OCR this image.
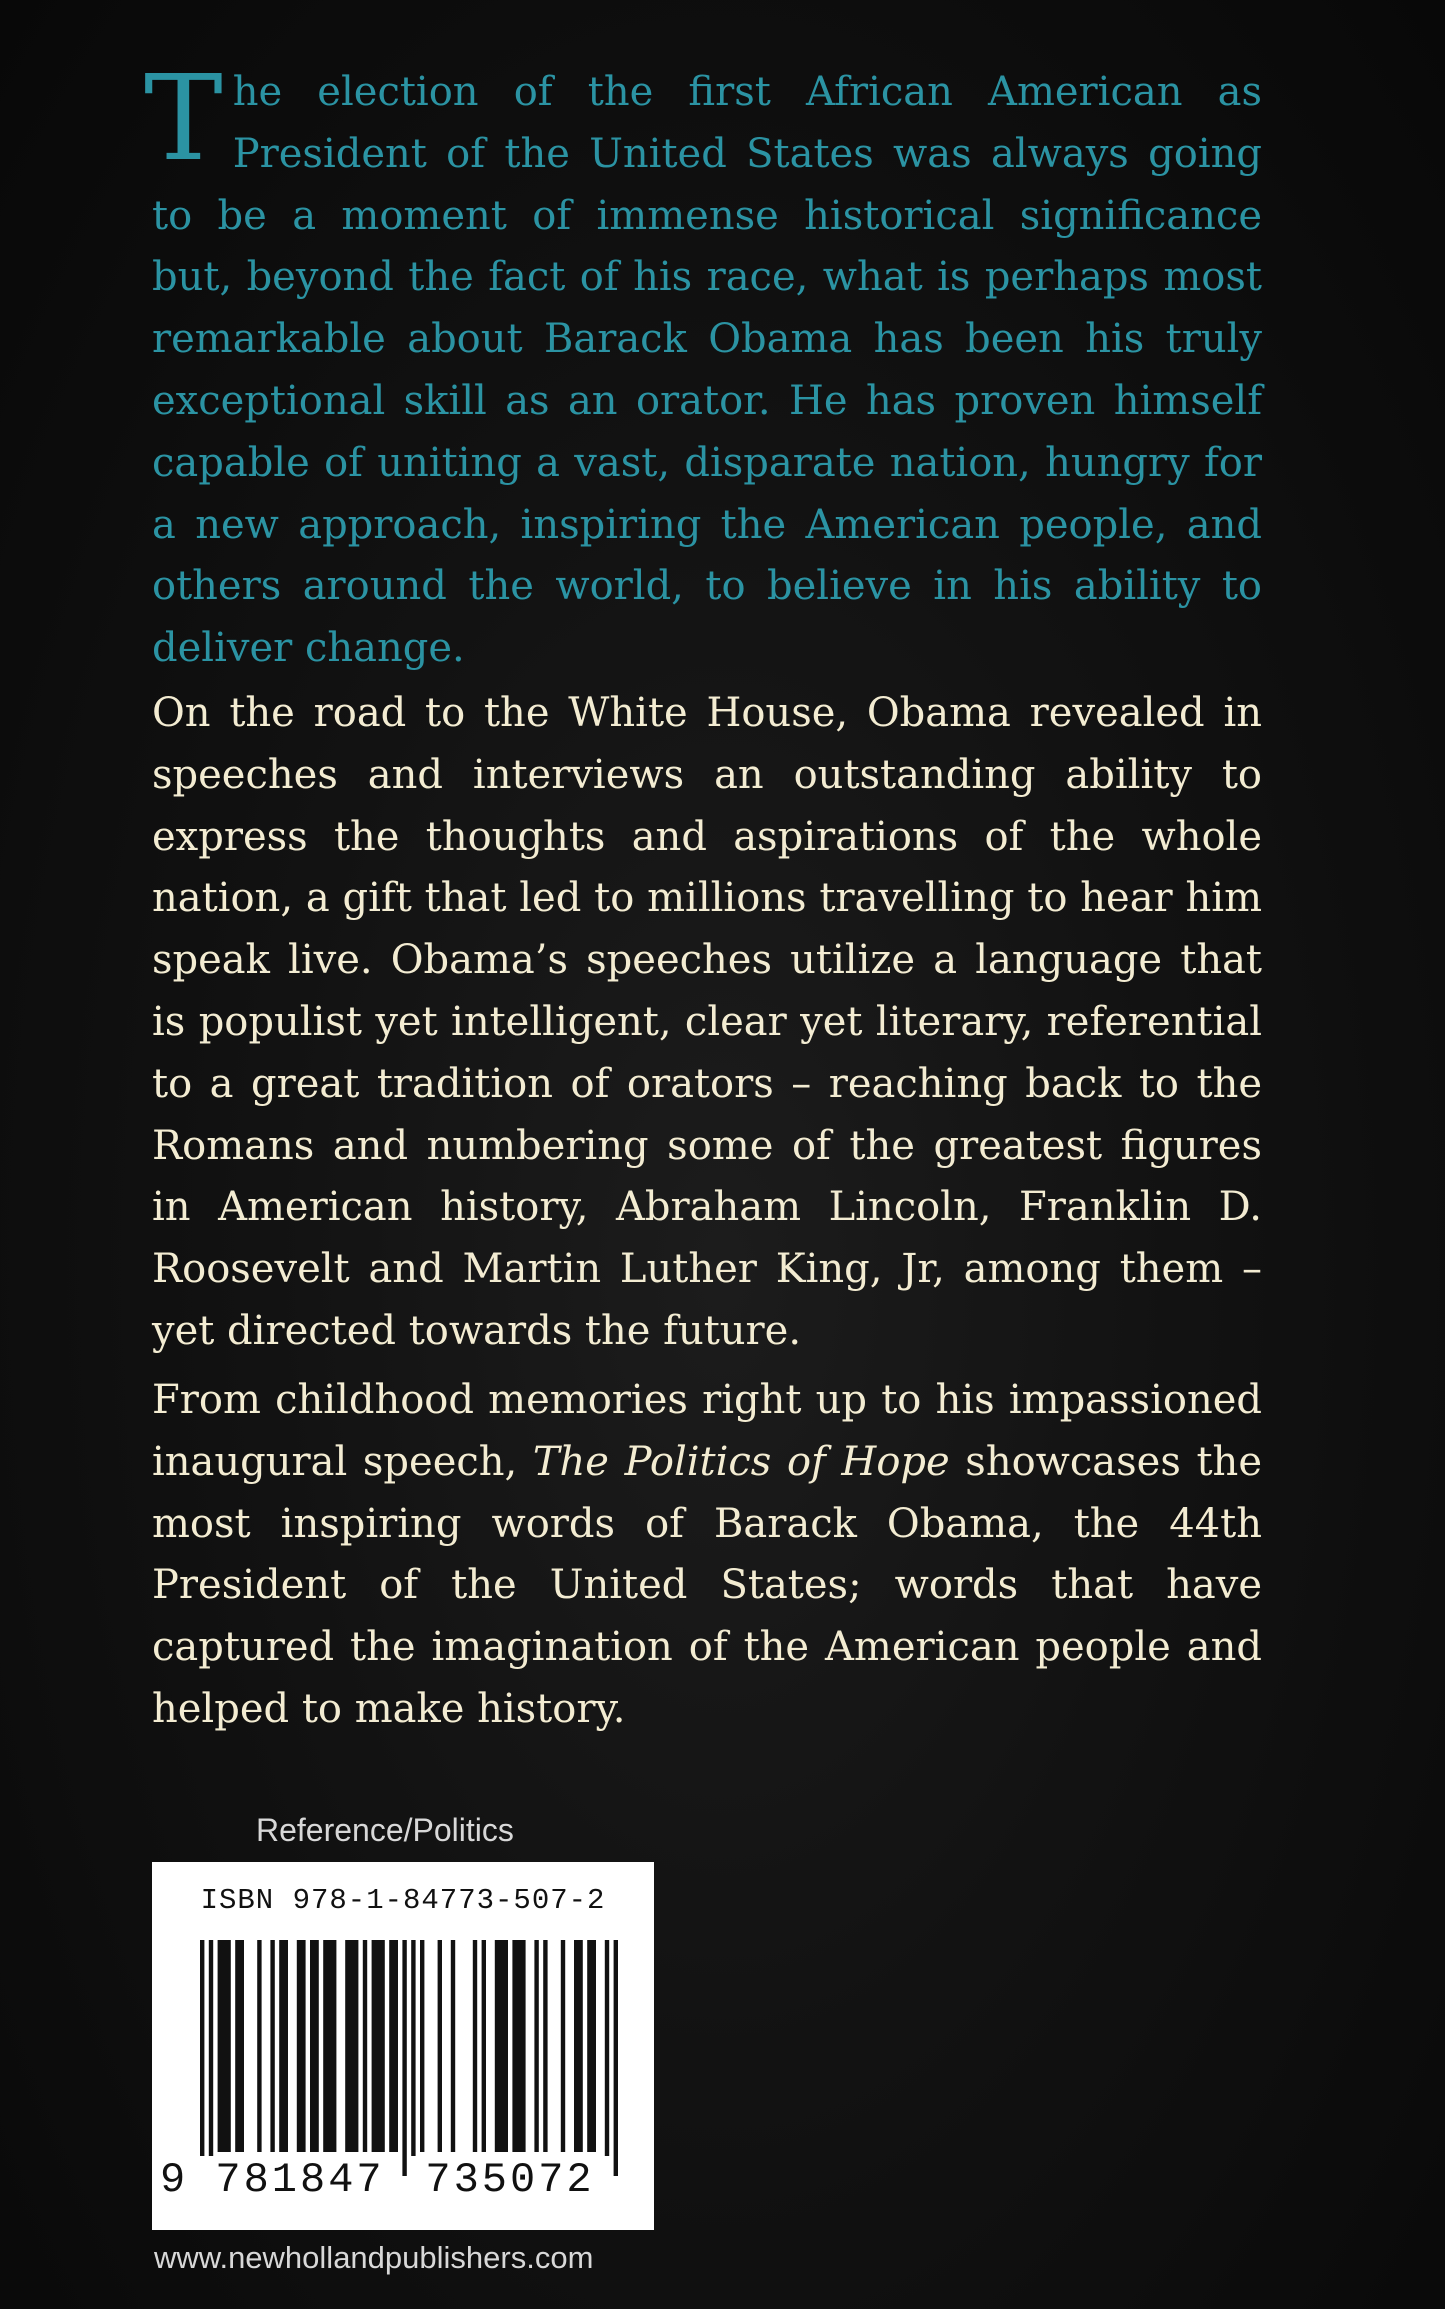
The election of the first African American as President of the United States was always going to be a moment of immense historical significance but, beyond the fact of his race, what is perhaps most remarkable about Barack Obama has been his truly exceptional skill as an orator. He has proven himself capable of uniting a vast, disparate nation, hungry for a new approach, inspiring the American people, and others around the world, to believe in his ability to deliver change.

On the road to the White House, Obama revealed in speeches and interviews an outstanding ability to express the thoughts and aspirations of the whole nation, a gift that led to millions travelling to hear him speak live. Obama’s speeches utilize a language that is populist yet intelligent, clear yet literary, referential to a great tradition of orators – reaching back to the Romans and numbering some of the greatest figures in American history, Abraham Lincoln, Franklin D. Roosevelt and Martin Luther King, Jr, among them – yet directed towards the future.

From childhood memories right up to his impassioned inaugural speech, The Politics of Hope showcases the most inspiring words of Barack Obama, the 44th President of the United States; words that have captured the imagination of the American people and helped to make history.

Reference/Politics

ISBN 978-1-84773-507-2
9 781847 735072

www.newhollandpublishers.com
